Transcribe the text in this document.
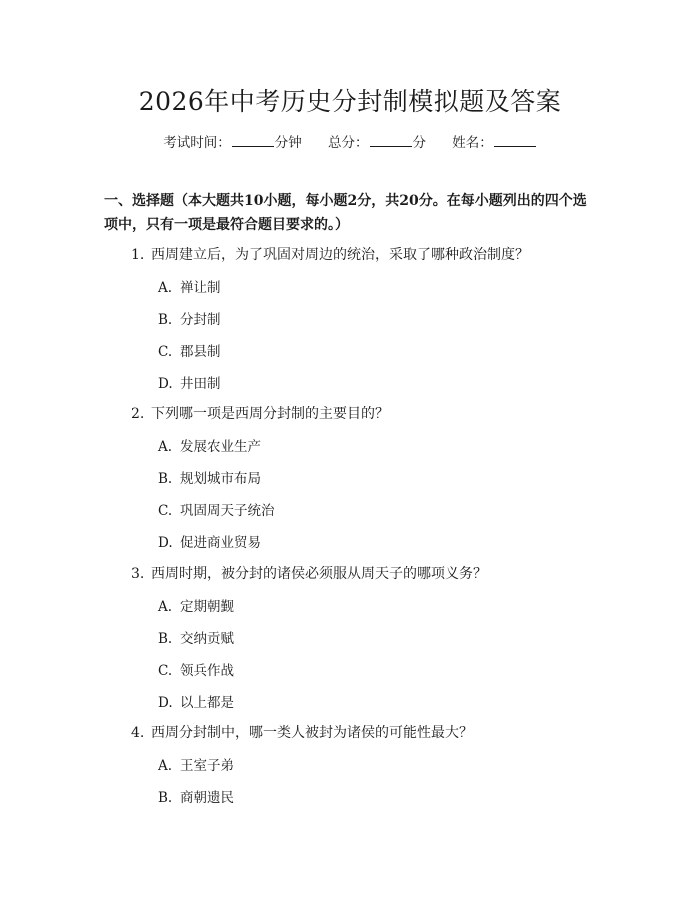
2026年中考历史分封制模拟题及答案
考试时间：	分钟 总分：	分 姓名：
一、选择题（本大题共10小题，每小题2分，共20分。在每小题列出的四个选项中，只有一项是最符合题目要求的。）
1. 西周建立后，为了巩固对周边的统治，采取了哪种政治制度？
A. 禅让制
B. 分封制
C. 郡县制
D. 井田制
2. 下列哪一项是西周分封制的主要目的？
A. 发展农业生产
B. 规划城市布局
C. 巩固周天子统治
D. 促进商业贸易
3. 西周时期，被分封的诸侯必须服从周天子的哪项义务？
A. 定期朝觐
B. 交纳贡赋
C. 领兵作战
D. 以上都是
4. 西周分封制中，哪一类人被封为诸侯的可能性最大？
A. 王室子弟
B. 商朝遗民
